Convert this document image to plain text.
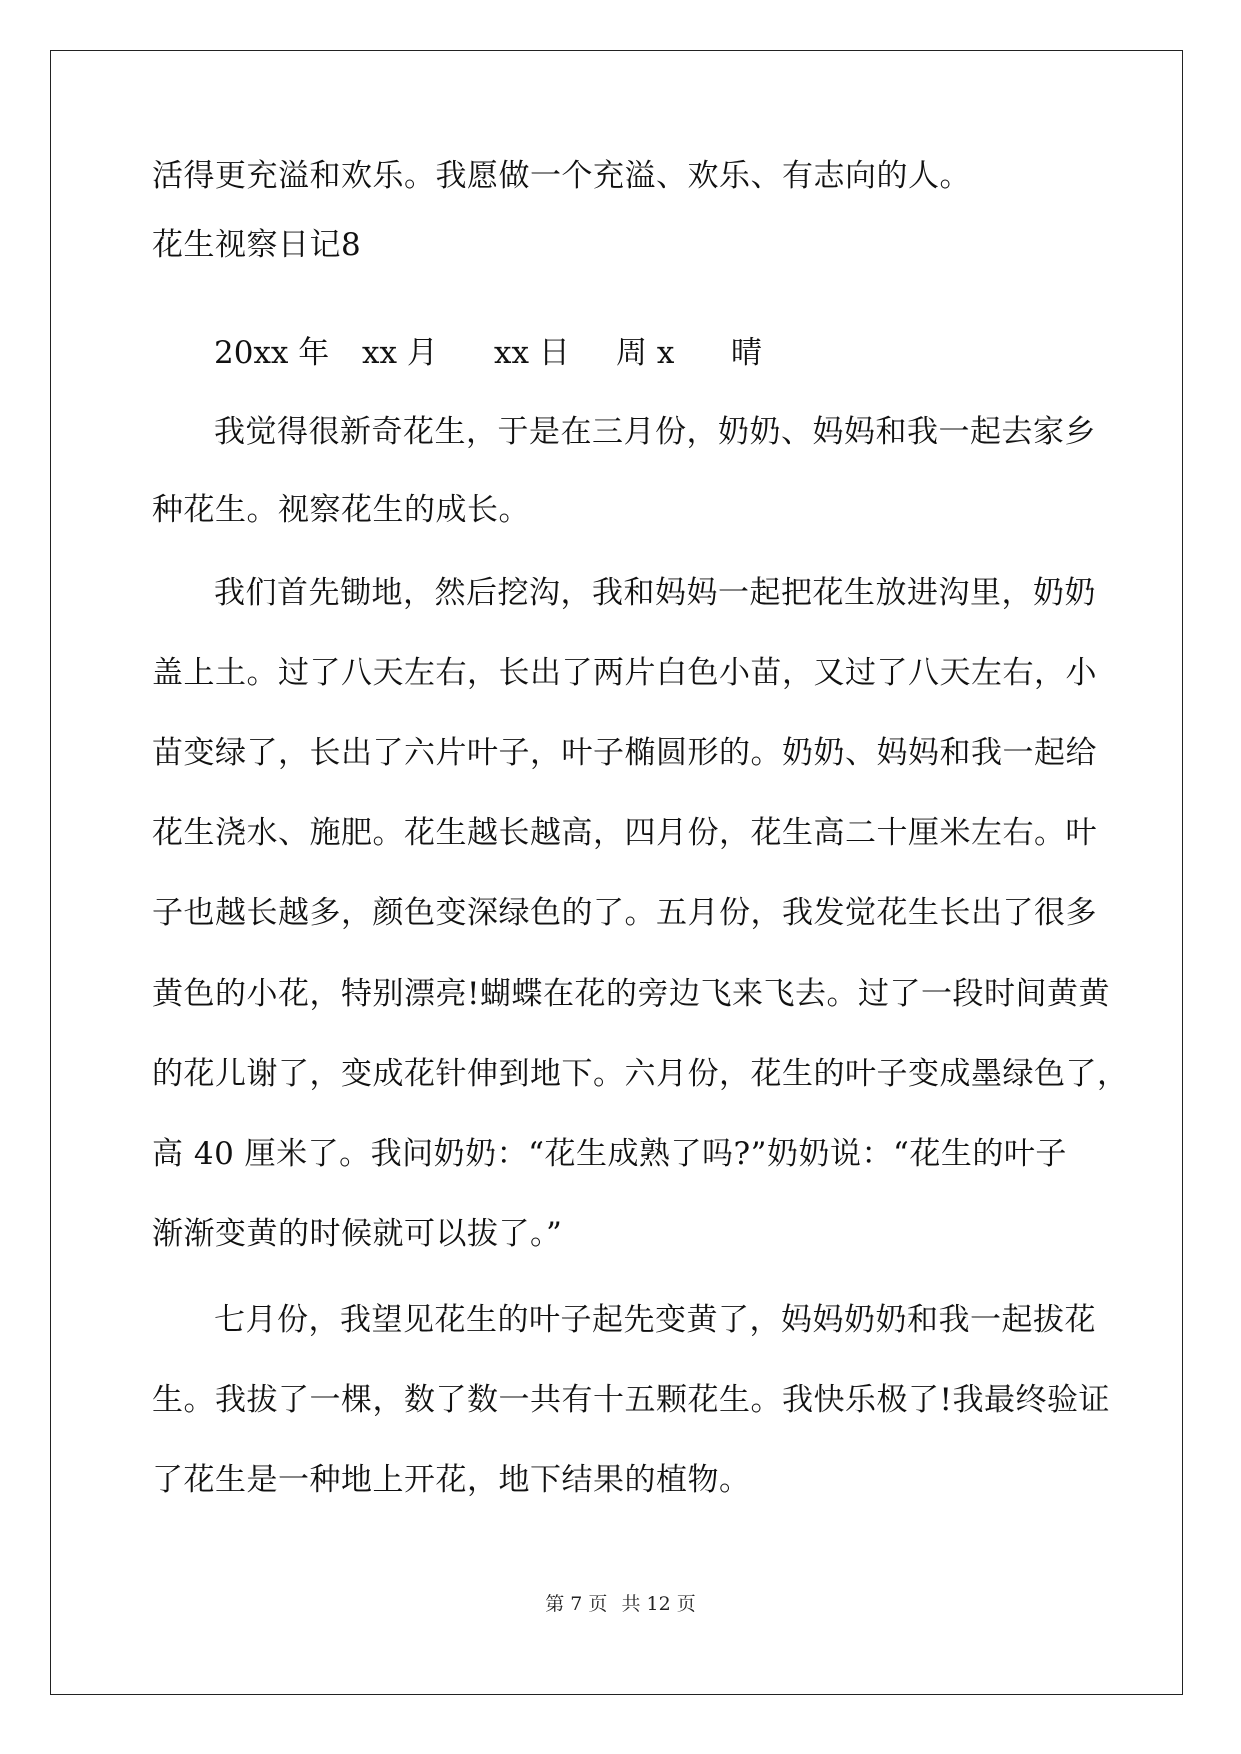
活得更充溢和欢乐。我愿做一个充溢、欢乐、有志向的人。
花生视察日记8
20xx 年 xx 月 xx 日 周 x 晴
我觉得很新奇花生，于是在三月份，奶奶、妈妈和我一起去家乡
种花生。视察花生的成长。
我们首先锄地，然后挖沟，我和妈妈一起把花生放进沟里，奶奶
盖上土。过了八天左右，长出了两片白色小苗，又过了八天左右，小
苗变绿了，长出了六片叶子，叶子椭圆形的。奶奶、妈妈和我一起给
花生浇水、施肥。花生越长越高，四月份，花生高二十厘米左右。叶
子也越长越多，颜色变深绿色的了。五月份，我发觉花生长出了很多
黄色的小花，特别漂亮!蝴蝶在花的旁边飞来飞去。过了一段时间黄黄
的花儿谢了，变成花针伸到地下。六月份，花生的叶子变成墨绿色了，
高 40 厘米了。我问奶奶：“花生成熟了吗?”奶奶说：“花生的叶子
渐渐变黄的时候就可以拔了。”
七月份，我望见花生的叶子起先变黄了，妈妈奶奶和我一起拔花
生。我拔了一棵，数了数一共有十五颗花生。我快乐极了!我最终验证
了花生是一种地上开花，地下结果的植物。
第 7 页 共 12 页
